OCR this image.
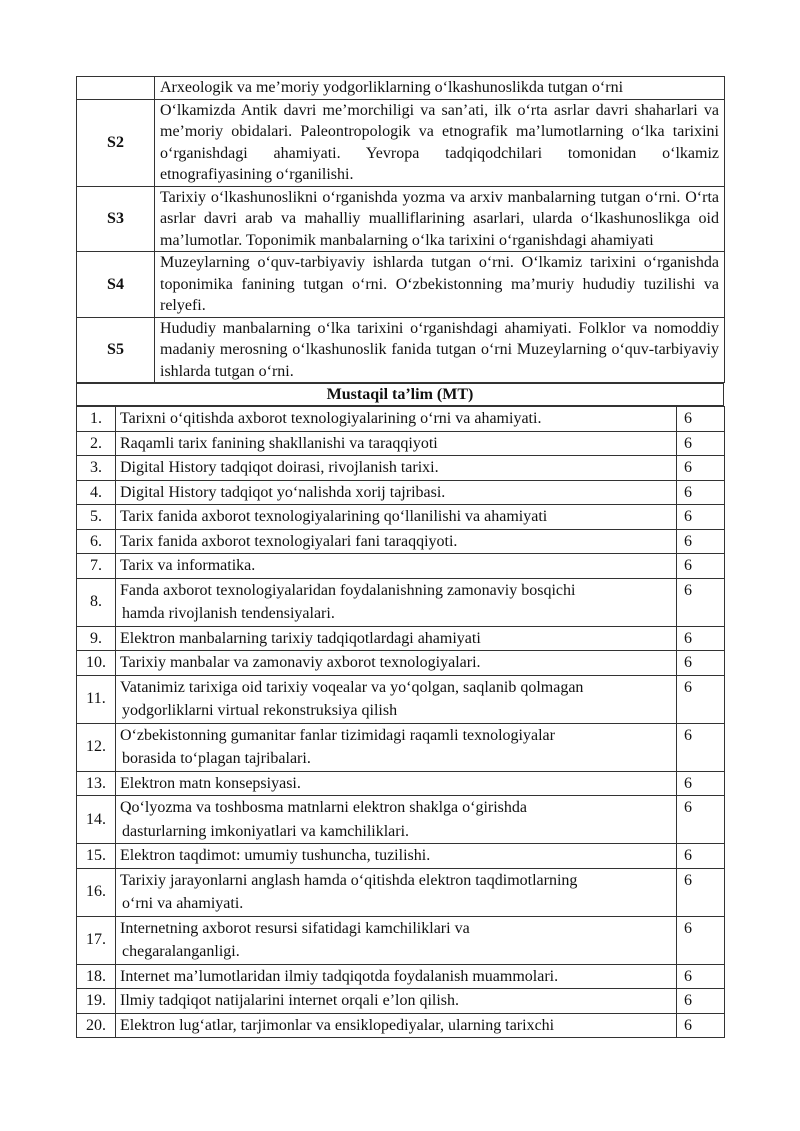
	Arxeologik va me’moriy yodgorliklarning o‘lkashunoslikda tutgan o‘rni
S2	O‘lkamizda Antik davri me’morchiligi va san’ati, ilk o‘rta asrlar davri shaharlari va me’moriy obidalari. Paleontropologik va etnografik ma’lumotlarning o‘lka tarixini o‘rganishdagi ahamiyati. Yevropa tadqiqodchilari tomonidan o‘lkamiz etnografiyasining o‘rganilishi.
S3	Tarixiy o‘lkashunoslikni o‘rganishda yozma va arxiv manbalarning tutgan o‘rni. O‘rta asrlar davri arab va mahalliy mualliflarining asarlari, ularda o‘lkashunoslikga oid ma’lumotlar. Toponimik manbalarning o‘lka tarixini o‘rganishdagi ahamiyati
S4	Muzeylarning o‘quv-tarbiyaviy ishlarda tutgan o‘rni. O‘lkamiz tarixini o‘rganishda toponimika fanining tutgan o‘rni. O‘zbekistonning ma’muriy hududiy tuzilishi va relyefi.
S5	Hududiy manbalarning o‘lka tarixini o‘rganishdagi ahamiyati. Folklor va nomoddiy madaniy merosning o‘lkashunoslik fanida tutgan o‘rni Muzeylarning o‘quv-tarbiyaviy ishlarda tutgan o‘rni.
Mustaqil ta’lim (MT)
1.	Tarixni o‘qitishda axborot texnologiyalarining o‘rni va ahamiyati.	6
2.	Raqamli tarix fanining shakllanishi va taraqqiyoti	6
3.	Digital History tadqiqot doirasi, rivojlanish tarixi.	6
4.	Digital History tadqiqot yo‘nalishda xorij tajribasi.	6
5.	Tarix fanida axborot texnologiyalarining qo‘llanilishi va ahamiyati	6
6.	Tarix fanida axborot texnologiyalari fani taraqqiyoti.	6
7.	Tarix va informatika.	6
8.	Fanda axborot texnologiyalaridan foydalanishning zamonaviy bosqichi
hamda rivojlanish tendensiyalari.	6
9.	Elektron manbalarning tarixiy tadqiqotlardagi ahamiyati	6
10.	Tarixiy manbalar va zamonaviy axborot texnologiyalari.	6
11.	Vatanimiz tarixiga oid tarixiy voqealar va yo‘qolgan, saqlanib qolmagan
yodgorliklarni virtual rekonstruksiya qilish	6
12.	O‘zbekistonning gumanitar fanlar tizimidagi raqamli texnologiyalar
borasida to‘plagan tajribalari.	6
13.	Elektron matn konsepsiyasi.	6
14.	Qo‘lyozma va toshbosma matnlarni elektron shaklga o‘girishda
dasturlarning imkoniyatlari va kamchiliklari.	6
15.	Elektron taqdimot: umumiy tushuncha, tuzilishi.	6
16.	Tarixiy jarayonlarni anglash hamda o‘qitishda elektron taqdimotlarning
o‘rni va ahamiyati.	6
17.	Internetning axborot resursi sifatidagi kamchiliklari va
chegaralanganligi.	6
18.	Internet ma’lumotlaridan ilmiy tadqiqotda foydalanish muammolari.	6
19.	Ilmiy tadqiqot natijalarini internet orqali e’lon qilish.	6
20.	Elektron lug‘atlar, tarjimonlar va ensiklopediyalar, ularning tarixchi	6
